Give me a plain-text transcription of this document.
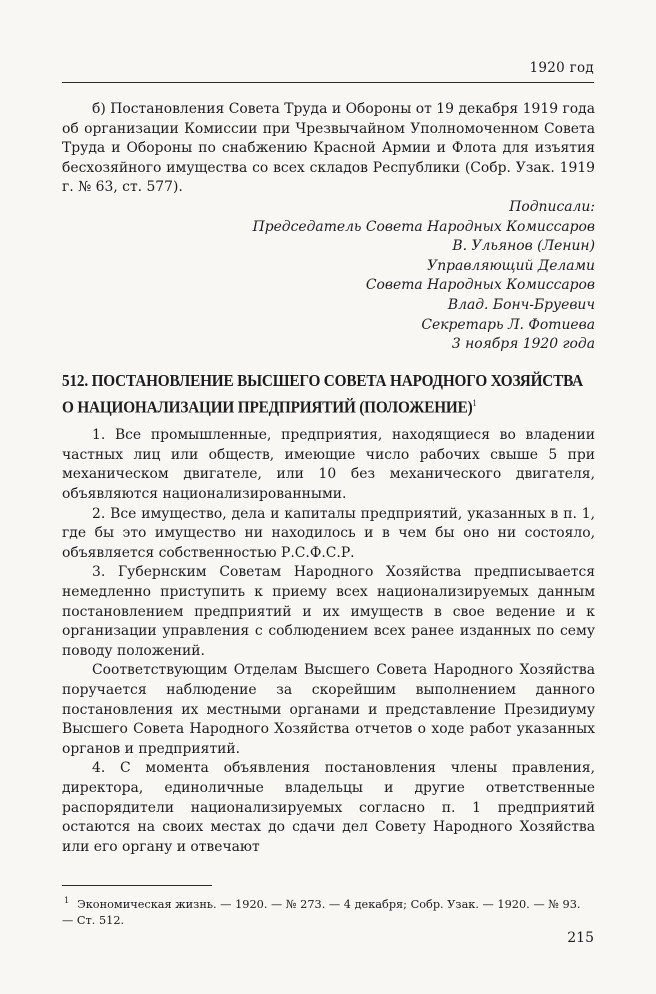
1920 год

б) Постановления Совета Труда и Обороны от 19 декабря 1919 года об организации Комиссии при Чрезвычайном Уполномоченном Совета Труда и Обороны по снабжению Красной Армии и Флота для изъятия бесхозяйного имущества со всех складов Республики (Собр. Узак. 1919 г. № 63, ст. 577).

Подписали:
Председатель Совета Народных Комиссаров
В. Ульянов (Ленин)
Управляющий Делами
Совета Народных Комиссаров
Влад. Бонч-Бруевич
Секретарь Л. Фотиева
3 ноября 1920 года
512. ПОСТАНОВЛЕНИЕ ВЫСШЕГО СОВЕТА НАРОДНОГО ХОЗЯЙСТВА
О НАЦИОНАЛИЗАЦИИ ПРЕДПРИЯТИЙ (ПОЛОЖЕНИЕ)$^1$

1. Все промышленные, предприятия, находящиеся во владении частных лиц или обществ, имеющие число рабочих свыше 5 при механическом двигателе, или 10 без механического двигателя, объявляются национализированными.

2. Все имущество, дела и капиталы предприятий, указанных в п. 1, где бы это имущество ни находилось и в чем бы оно ни состояло, объявляется собственностью Р.С.Ф.С.Р.

3. Губернским Советам Народного Хозяйства предписывается немедленно приступить к приему всех национализируемых данным постановлением предприятий и их имуществ в свое ведение и к организации управления с соблюдением всех ранее изданных по сему поводу положений.

Соответствующим Отделам Высшего Совета Народного Хозяйства поручается наблюдение за скорейшим выполнением данного постановления их местными органами и представление Президиуму Высшего Совета Народного Хозяйства отчетов о ходе работ указанных органов и предприятий.

4. С момента объявления постановления члены правления, директора, единоличные владельцы и другие ответственные распорядители национализируемых согласно п. 1 предприятий остаются на своих местах до сдачи дел Совету Народного Хозяйства или его органу и отвечают

$^1$ Экономическая жизнь. — 1920. — № 273. — 4 декабря; Собр. Узак. — 1920. — № 93. — Ст. 512.
215
